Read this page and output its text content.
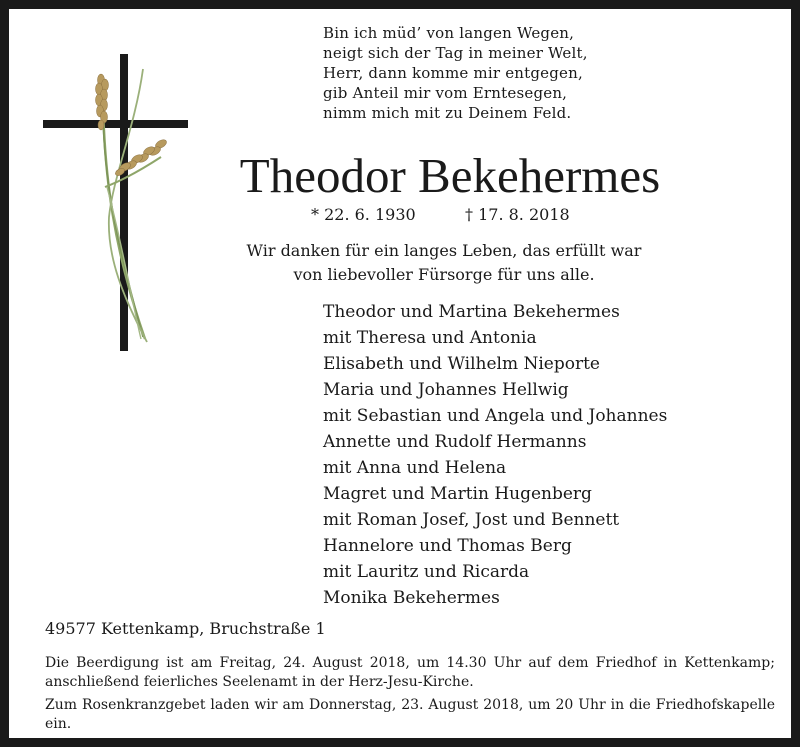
Bin ich müd’ von langen Wegen,
neigt sich der Tag in meiner Welt,
Herr, dann komme mir entgegen,
gib Anteil mir vom Erntesegen,
nimm mich mit zu Deinem Feld.
Theodor Bekehermes
* 22. 6. 1930	† 17. 8. 2018
Wir danken für ein langes Leben, das erfüllt war
von liebevoller Fürsorge für uns alle.
Theodor und Martina Bekehermes
mit Theresa und Antonia
Elisabeth und Wilhelm Nieporte
Maria und Johannes Hellwig
mit Sebastian und Angela und Johannes
Annette und Rudolf Hermanns
mit Anna und Helena
Magret und Martin Hugenberg
mit Roman Josef, Jost und Bennett
Hannelore und Thomas Berg
mit Lauritz und Ricarda
Monika Bekehermes
49577 Kettenkamp, Bruchstraße 1

Die Beerdigung ist am Freitag, 24. August 2018, um 14.30 Uhr auf dem Friedhof in Kettenkamp; anschließend feierliches Seelenamt in der Herz-Jesu-Kirche.

Zum Rosenkranzgebet laden wir am Donnerstag, 23. August 2018, um 20 Uhr in die Friedhofskapelle ein.
